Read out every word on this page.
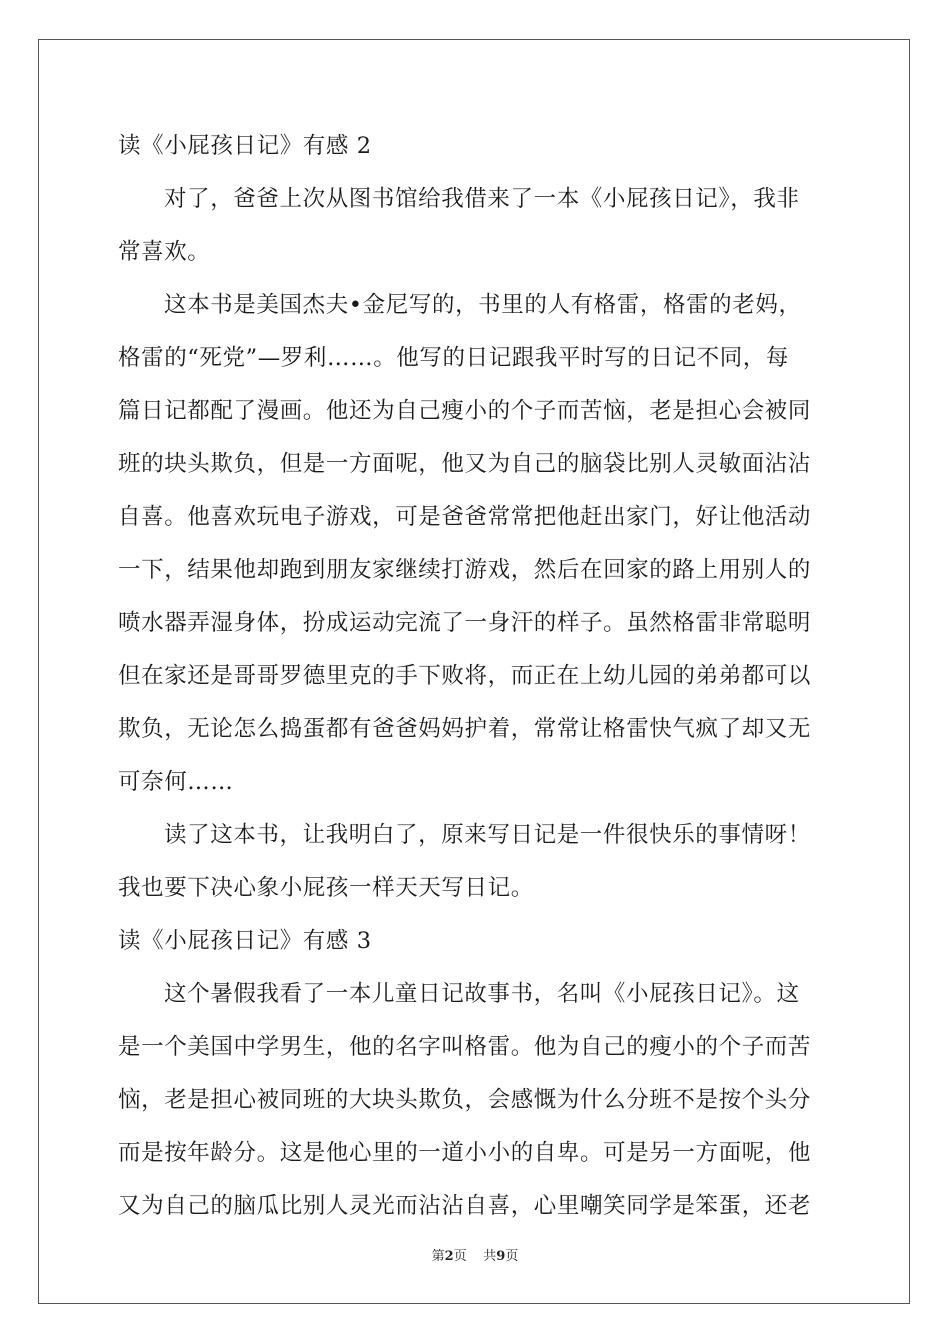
读《小屁孩日记》有感 2
对了，爸爸上次从图书馆给我借来了一本《小屁孩日记》，我非
常喜欢。
这本书是美国杰夫•金尼写的，书里的人有格雷，格雷的老妈，
格雷的“死党”—罗利……。他写的日记跟我平时写的日记不同，每
篇日记都配了漫画。他还为自己瘦小的个子而苦恼，老是担心会被同
班的块头欺负，但是一方面呢，他又为自己的脑袋比别人灵敏面沾沾
自喜。他喜欢玩电子游戏，可是爸爸常常把他赶出家门，好让他活动
一下，结果他却跑到朋友家继续打游戏，然后在回家的路上用别人的
喷水器弄湿身体，扮成运动完流了一身汗的样子。虽然格雷非常聪明
但在家还是哥哥罗德里克的手下败将，而正在上幼儿园的弟弟都可以
欺负，无论怎么捣蛋都有爸爸妈妈护着，常常让格雷快气疯了却又无
可奈何……
读了这本书，让我明白了，原来写日记是一件很快乐的事情呀！
我也要下决心象小屁孩一样天天写日记。
读《小屁孩日记》有感 3
这个暑假我看了一本儿童日记故事书，名叫《小屁孩日记》。这
是一个美国中学男生，他的名字叫格雷。他为自己的瘦小的个子而苦
恼，老是担心被同班的大块头欺负，会感慨为什么分班不是按个头分
而是按年龄分。这是他心里的一道小小的自卑。可是另一方面呢，他
又为自己的脑瓜比别人灵光而沾沾自喜，心里嘲笑同学是笨蛋，还老
第2页 共9页
